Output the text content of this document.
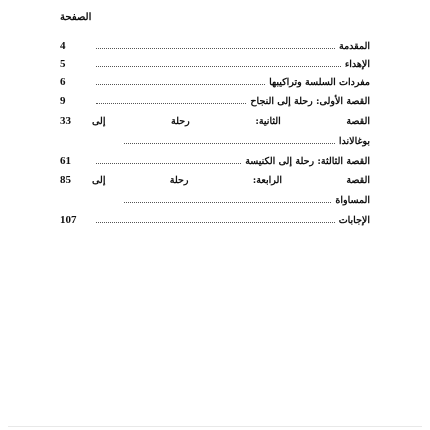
الصفحة
المقدمة
4
الإهداء
5
مفردات السلسة وتراكيبها
6
القصة الأولى: رحلة إلى النجاح
9
القصة الثانية: رحلة إلى
33
بوغالاندا
القصة الثالثة: رحلة إلى الكنيسة
61
القصة الرابعة: رحلة إلى
85
المساواة
الإجابات
107
